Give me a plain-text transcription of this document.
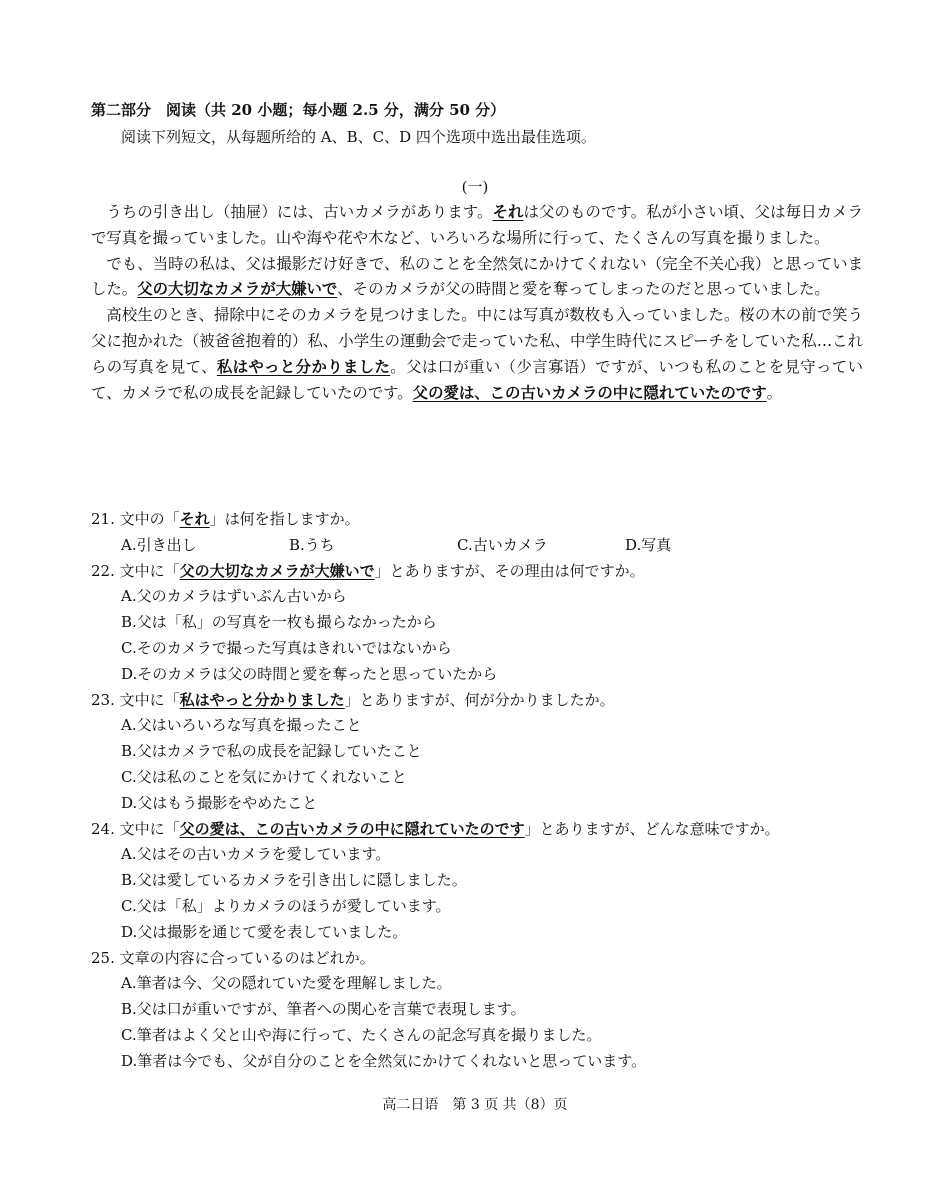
第二部分　阅读（共 20 小题；每小题 2.5 分，满分 50 分）
阅读下列短文，从每题所给的 A、B、C、D 四个选项中选出最佳选项。
(一)

うちの引き出し（抽屉）には、古いカメラがあります。それは父のものです。私が小さい頃、父は毎日カメラで写真を撮っていました。山や海や花や木など、いろいろな場所に行って、たくさんの写真を撮りました。

でも、当時の私は、父は撮影だけ好きで、私のことを全然気にかけてくれない（完全不关心我）と思っていました。父の大切なカメラが大嫌いで、そのカメラが父の時間と愛を奪ってしまったのだと思っていました。

高校生のとき、掃除中にそのカメラを見つけました。中には写真が数枚も入っていました。桜の木の前で笑う父に抱かれた（被爸爸抱着的）私、小学生の運動会で走っていた私、中学生時代にスピーチをしていた私…これらの写真を見て、私はやっと分かりました。父は口が重い（少言寡语）ですが、いつも私のことを見守っていて、カメラで私の成長を記録していたのです。父の愛は、この古いカメラの中に隠れていたのです。

21. 文中の「それ」は何を指しますか。
A.引き出し	B.うち	C.古いカメラ	D.写真
22. 文中に「父の大切なカメラが大嫌いで」とありますが、その理由は何ですか。
A.父のカメラはずいぶん古いから
B.父は「私」の写真を一枚も撮らなかったから
C.そのカメラで撮った写真はきれいではないから
D.そのカメラは父の時間と愛を奪ったと思っていたから
23. 文中に「私はやっと分かりました」とありますが、何が分かりましたか。
A.父はいろいろな写真を撮ったこと
B.父はカメラで私の成長を記録していたこと
C.父は私のことを気にかけてくれないこと
D.父はもう撮影をやめたこと
24. 文中に「父の愛は、この古いカメラの中に隠れていたのです」とありますが、どんな意味ですか。
A.父はその古いカメラを愛しています。
B.父は愛しているカメラを引き出しに隠しました。
C.父は「私」よりカメラのほうが愛しています。
D.父は撮影を通じて愛を表していました。
25. 文章の内容に合っているのはどれか。
A.筆者は今、父の隠れていた愛を理解しました。
B.父は口が重いですが、筆者への関心を言葉で表現します。
C.筆者はよく父と山や海に行って、たくさんの記念写真を撮りました。
D.筆者は今でも、父が自分のことを全然気にかけてくれないと思っています。
高二日语　第 3 页 共（8）页
